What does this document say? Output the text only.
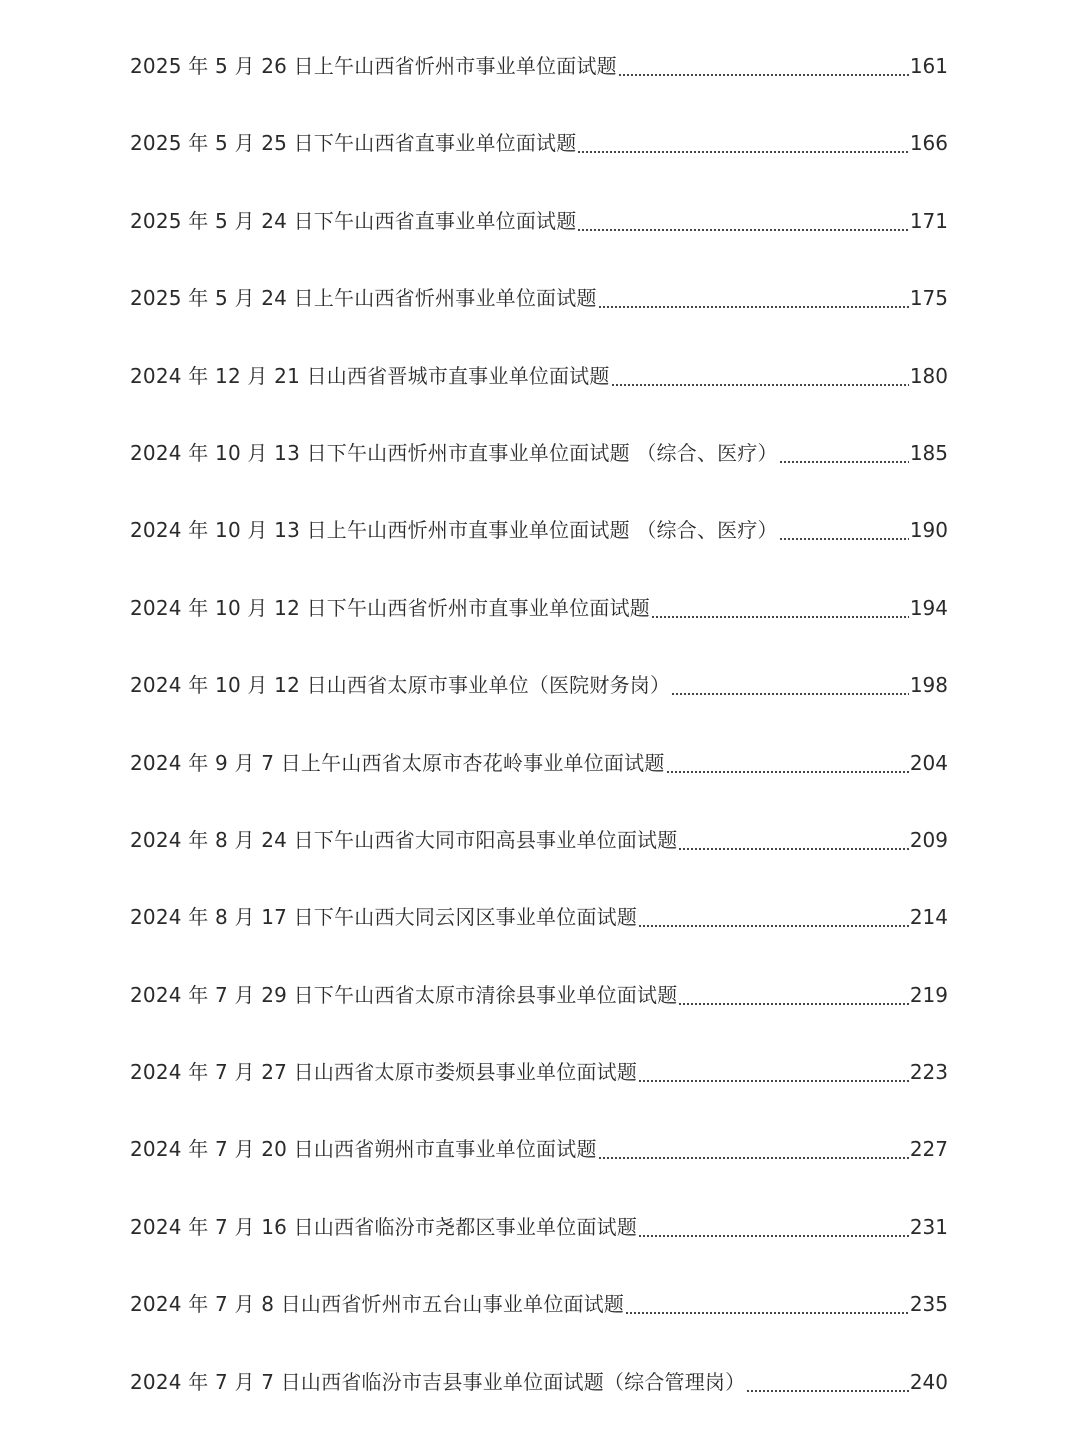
2025 年 5 月 26 日上午山西省忻州市事业单位面试题	161
2025 年 5 月 25 日下午山西省直事业单位面试题	166
2025 年 5 月 24 日下午山西省直事业单位面试题	171
2025 年 5 月 24 日上午山西省忻州事业单位面试题	175
2024 年 12 月 21 日山西省晋城市直事业单位面试题	180
2024 年 10 月 13 日下午山西忻州市直事业单位面试题 （综合、医疗）	185
2024 年 10 月 13 日上午山西忻州市直事业单位面试题 （综合、医疗）	190
2024 年 10 月 12 日下午山西省忻州市直事业单位面试题	194
2024 年 10 月 12 日山西省太原市事业单位（医院财务岗）	198
2024 年 9 月 7 日上午山西省太原市杏花岭事业单位面试题	204
2024 年 8 月 24 日下午山西省大同市阳高县事业单位面试题	209
2024 年 8 月 17 日下午山西大同云冈区事业单位面试题	214
2024 年 7 月 29 日下午山西省太原市清徐县事业单位面试题	219
2024 年 7 月 27 日山西省太原市娄烦县事业单位面试题	223
2024 年 7 月 20 日山西省朔州市直事业单位面试题	227
2024 年 7 月 16 日山西省临汾市尧都区事业单位面试题	231
2024 年 7 月 8 日山西省忻州市五台山事业单位面试题	235
2024 年 7 月 7 日山西省临汾市吉县事业单位面试题（综合管理岗）	240
